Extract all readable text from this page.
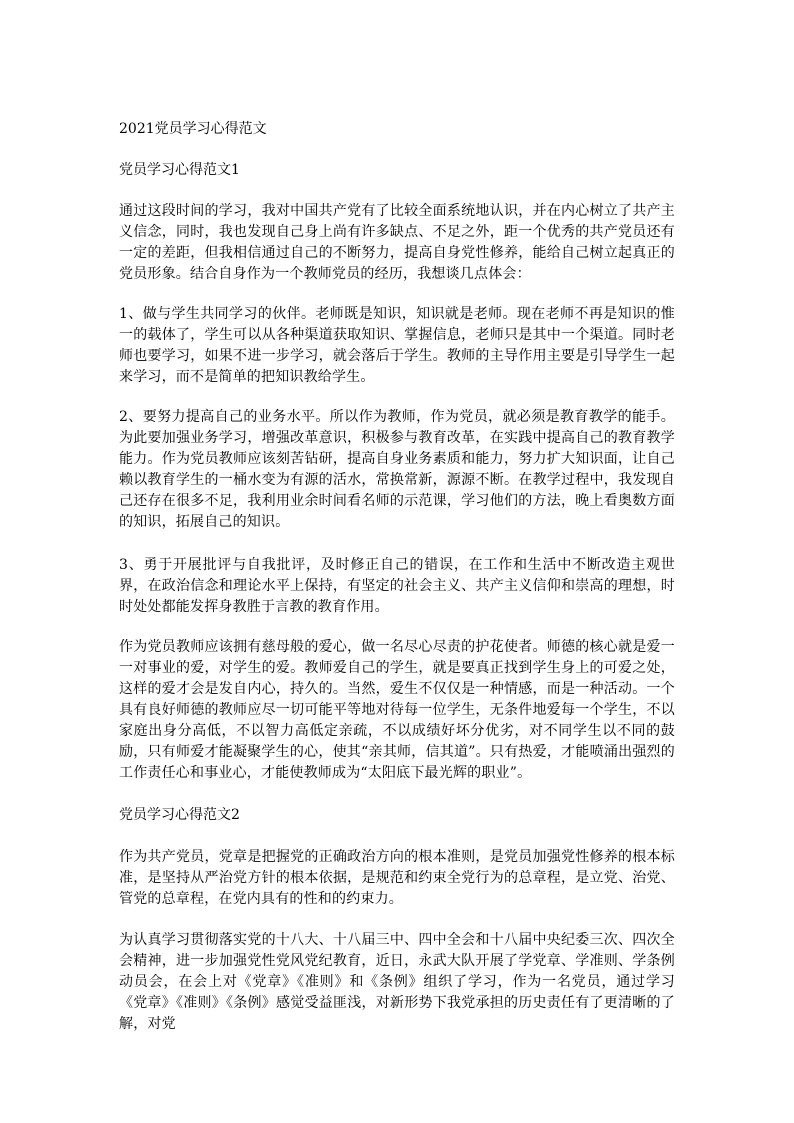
2021党员学习心得范文
党员学习心得范文1

通过这段时间的学习，我对中国共产党有了比较全面系统地认识，并在内心树立了共产主义信念，同时，我也发现自己身上尚有许多缺点、不足之外，距一个优秀的共产党员还有一定的差距，但我相信通过自己的不断努力，提高自身党性修养，能给自己树立起真正的党员形象。结合自身作为一个教师党员的经历，我想谈几点体会：

1、做与学生共同学习的伙伴。老师既是知识，知识就是老师。现在老师不再是知识的惟一的载体了，学生可以从各种渠道获取知识、掌握信息，老师只是其中一个渠道。同时老师也要学习，如果不进一步学习，就会落后于学生。教师的主导作用主要是引导学生一起来学习，而不是简单的把知识教给学生。

2、要努力提高自己的业务水平。所以作为教师，作为党员，就必须是教育教学的能手。为此要加强业务学习，增强改革意识，积极参与教育改革，在实践中提高自己的教育教学能力。作为党员教师应该刻苦钻研，提高自身业务素质和能力，努力扩大知识面，让自己赖以教育学生的一桶水变为有源的活水，常换常新，源源不断。在教学过程中，我发现自己还存在很多不足，我利用业余时间看名师的示范课，学习他们的方法，晚上看奥数方面的知识，拓展自己的知识。

3、勇于开展批评与自我批评，及时修正自己的错误，在工作和生活中不断改造主观世界，在政治信念和理论水平上保持，有坚定的社会主义、共产主义信仰和崇高的理想，时时处处都能发挥身教胜于言教的教育作用。

作为党员教师应该拥有慈母般的爱心，做一名尽心尽责的护花使者。师德的核心就是爱一一对事业的爱，对学生的爱。教师爱自己的学生，就是要真正找到学生身上的可爱之处，这样的爱才会是发自内心，持久的。当然，爱生不仅仅是一种情感，而是一种活动。一个具有良好师德的教师应尽一切可能平等地对待每一位学生，无条件地爱每一个学生，不以家庭出身分高低，不以智力高低定亲疏，不以成绩好坏分优劣，对不同学生以不同的鼓励，只有师爱才能凝聚学生的心，使其“亲其师，信其道”。只有热爱，才能喷涌出强烈的工作责任心和事业心，才能使教师成为“太阳底下最光辉的职业”。

党员学习心得范文2

作为共产党员，党章是把握党的正确政治方向的根本准则，是党员加强党性修养的根本标准，是坚持从严治党方针的根本依据，是规范和约束全党行为的总章程，是立党、治党、管党的总章程，在党内具有的性和的约束力。

为认真学习贯彻落实党的十八大、十八届三中、四中全会和十八届中央纪委三次、四次全会精神，进一步加强党性党风党纪教育，近日，永武大队开展了学党章、学准则、学条例动员会，在会上对《党章》《准则》和《条例》组织了学习，作为一名党员，通过学习《党章》《准则》《条例》感觉受益匪浅，对新形势下我党承担的历史责任有了更清晰的了解，对党
